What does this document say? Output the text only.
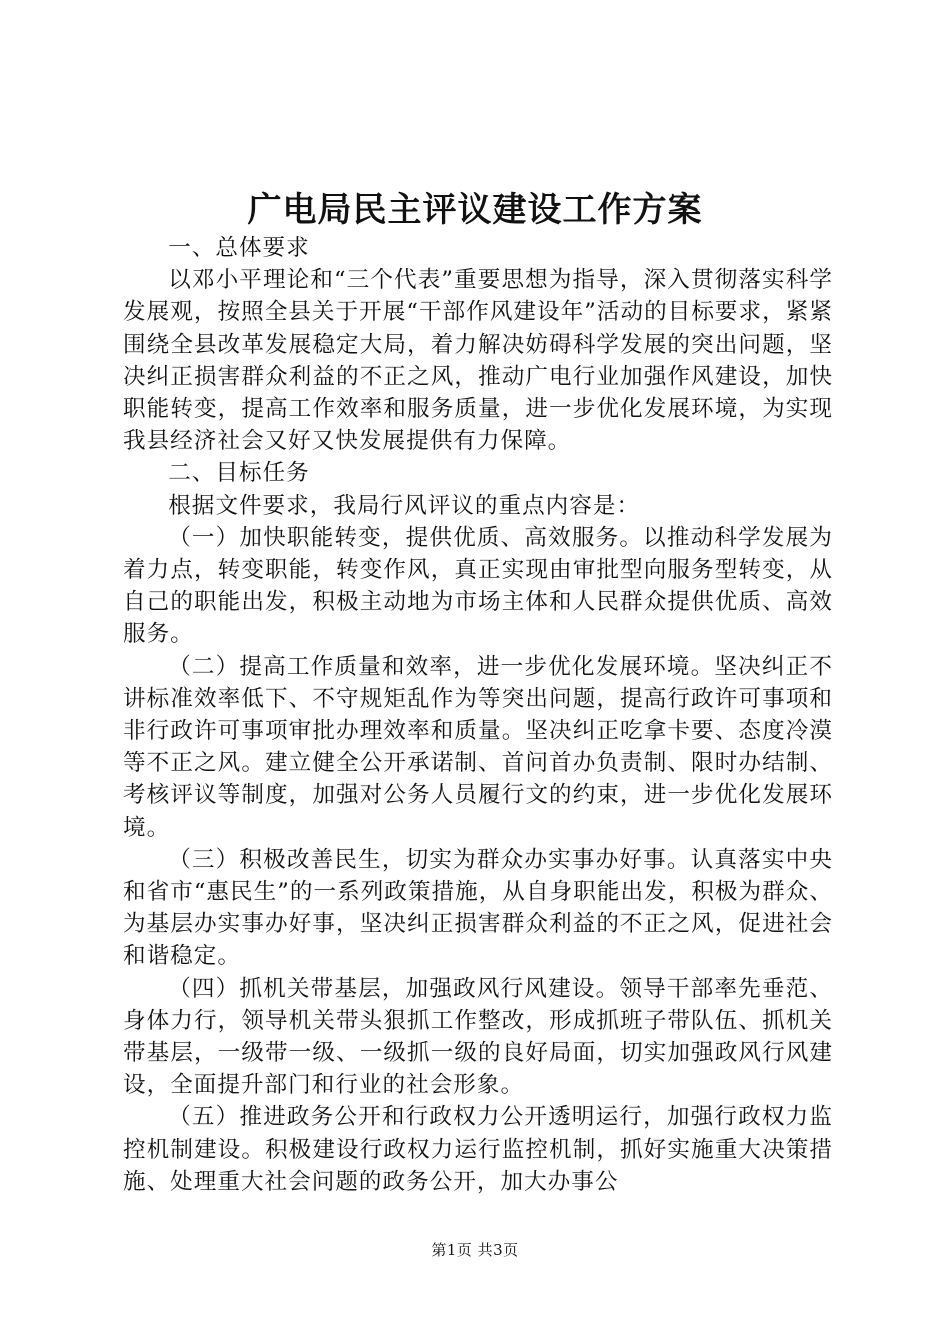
广电局民主评议建设工作方案

一、总体要求

以邓小平理论和“三个代表”重要思想为指导，深入贯彻落实科学发展观，按照全县关于开展“干部作风建设年”活动的目标要求，紧紧围绕全县改革发展稳定大局，着力解决妨碍科学发展的突出问题，坚决纠正损害群众利益的不正之风，推动广电行业加强作风建设，加快职能转变，提高工作效率和服务质量，进一步优化发展环境，为实现我县经济社会又好又快发展提供有力保障。

二、目标任务

根据文件要求，我局行风评议的重点内容是：

（一）加快职能转变，提供优质、高效服务。以推动科学发展为着力点，转变职能，转变作风，真正实现由审批型向服务型转变，从自己的职能出发，积极主动地为市场主体和人民群众提供优质、高效服务。

（二）提高工作质量和效率，进一步优化发展环境。坚决纠正不讲标准效率低下、不守规矩乱作为等突出问题，提高行政许可事项和非行政许可事项审批办理效率和质量。坚决纠正吃拿卡要、态度冷漠等不正之风。建立健全公开承诺制、首问首办负责制、限时办结制、考核评议等制度，加强对公务人员履行文的约束，进一步优化发展环境。

（三）积极改善民生，切实为群众办实事办好事。认真落实中央和省市“惠民生”的一系列政策措施，从自身职能出发，积极为群众、为基层办实事办好事，坚决纠正损害群众利益的不正之风，促进社会和谐稳定。

（四）抓机关带基层，加强政风行风建设。领导干部率先垂范、身体力行，领导机关带头狠抓工作整改，形成抓班子带队伍、抓机关带基层，一级带一级、一级抓一级的良好局面，切实加强政风行风建设，全面提升部门和行业的社会形象。

（五）推进政务公开和行政权力公开透明运行，加强行政权力监控机制建设。积极建设行政权力运行监控机制，抓好实施重大决策措施、处理重大社会问题的政务公开，加大办事公

第1页 共3页
